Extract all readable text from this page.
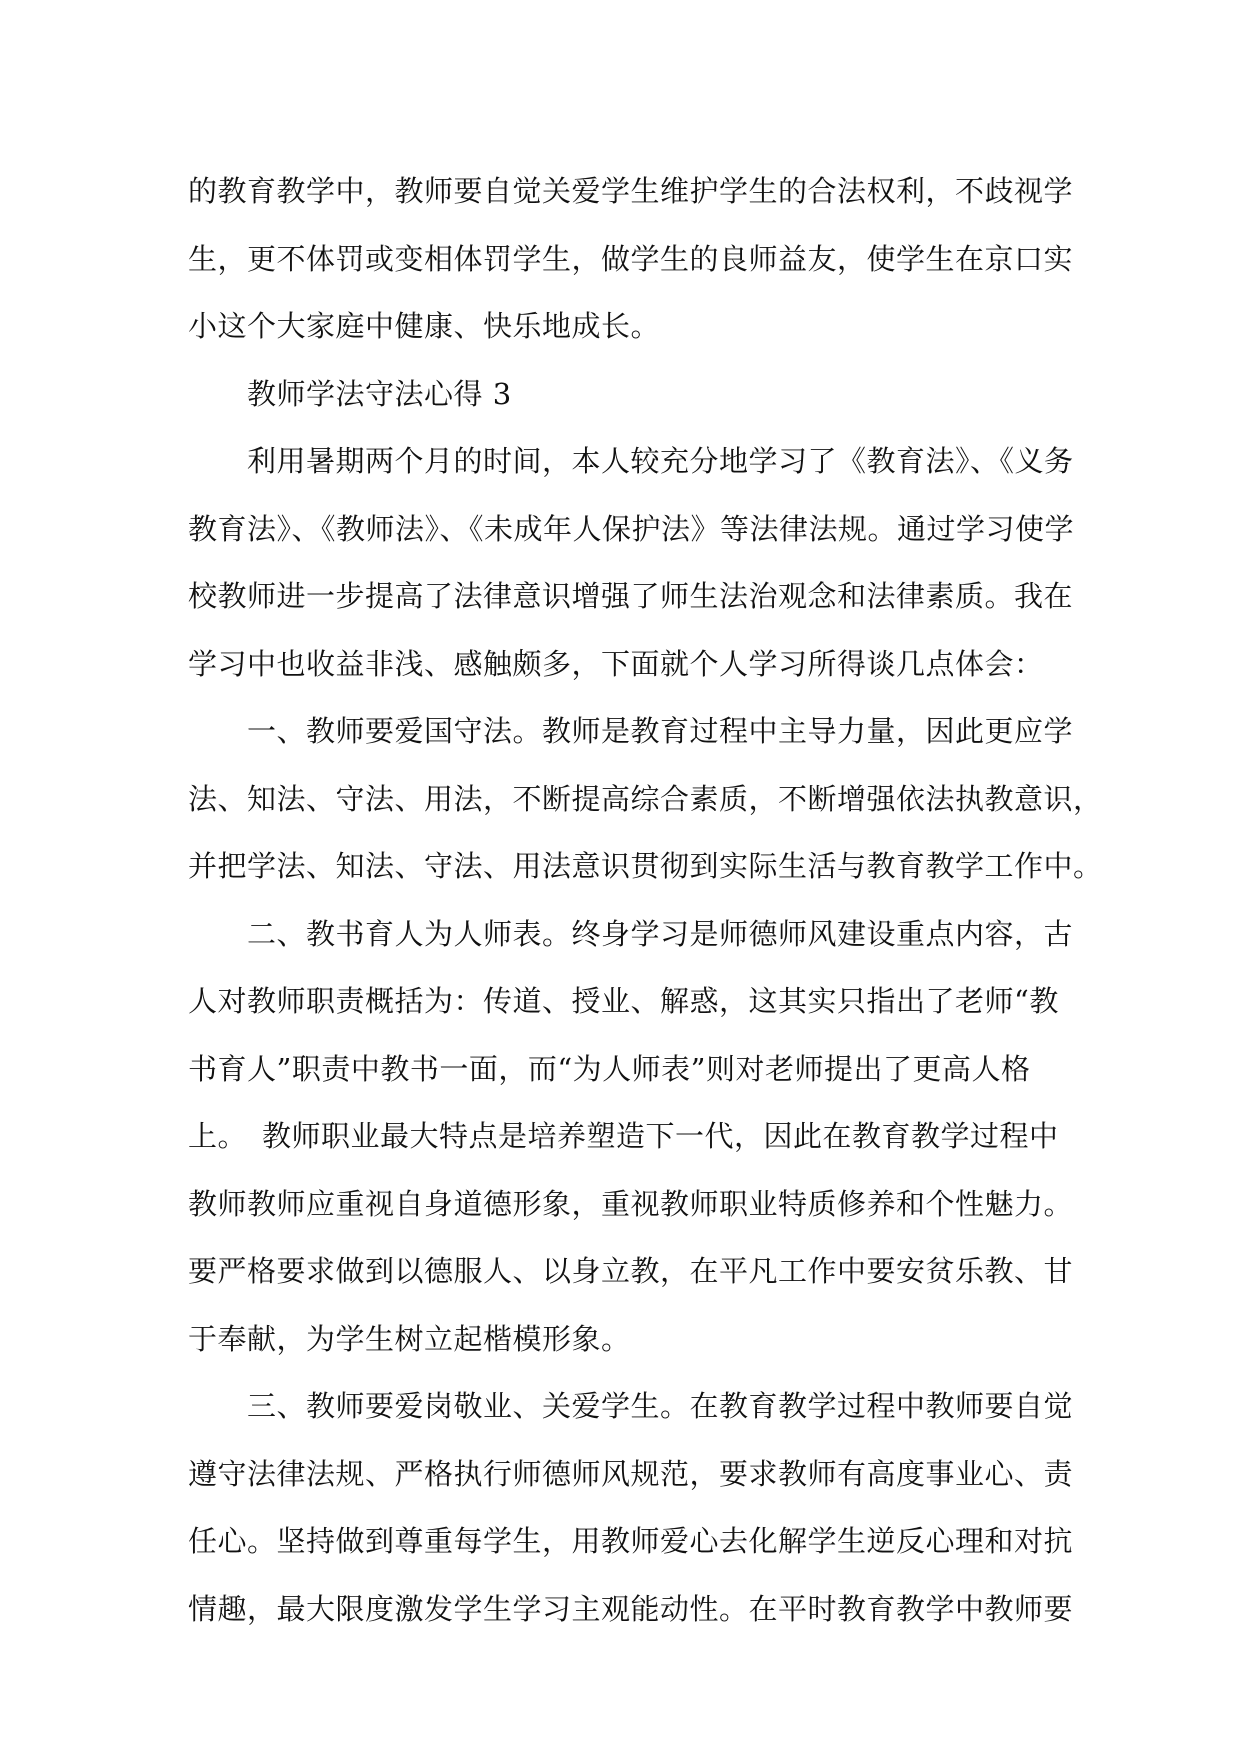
的教育教学中，教师要自觉关爱学生维护学生的合法权利，不歧视学
生，更不体罚或变相体罚学生，做学生的良师益友，使学生在京口实
小这个大家庭中健康、快乐地成长。
　　教师学法守法心得 3
　　利用暑期两个月的时间，本人较充分地学习了《教育法》、《义务
教育法》、《教师法》、《未成年人保护法》等法律法规。通过学习使学
校教师进一步提高了法律意识增强了师生法治观念和法律素质。我在
学习中也收益非浅、感触颇多，下面就个人学习所得谈几点体会：
　　一、教师要爱国守法。教师是教育过程中主导力量，因此更应学
法、知法、守法、用法，不断提高综合素质，不断增强依法执教意识，
并把学法、知法、守法、用法意识贯彻到实际生活与教育教学工作中。
　　二、教书育人为人师表。终身学习是师德师风建设重点内容，古
人对教师职责概括为：传道、授业、解惑，这其实只指出了老师“教
书育人”职责中教书一面，而“为人师表”则对老师提出了更高人格
上。　教师职业最大特点是培养塑造下一代，因此在教育教学过程中
教师教师应重视自身道德形象，重视教师职业特质修养和个性魅力。
要严格要求做到以德服人、以身立教，在平凡工作中要安贫乐教、甘
于奉献，为学生树立起楷模形象。
　　三、教师要爱岗敬业、关爱学生。在教育教学过程中教师要自觉
遵守法律法规、严格执行师德师风规范，要求教师有高度事业心、责
任心。坚持做到尊重每学生，用教师爱心去化解学生逆反心理和对抗
情趣，最大限度激发学生学习主观能动性。在平时教育教学中教师要
